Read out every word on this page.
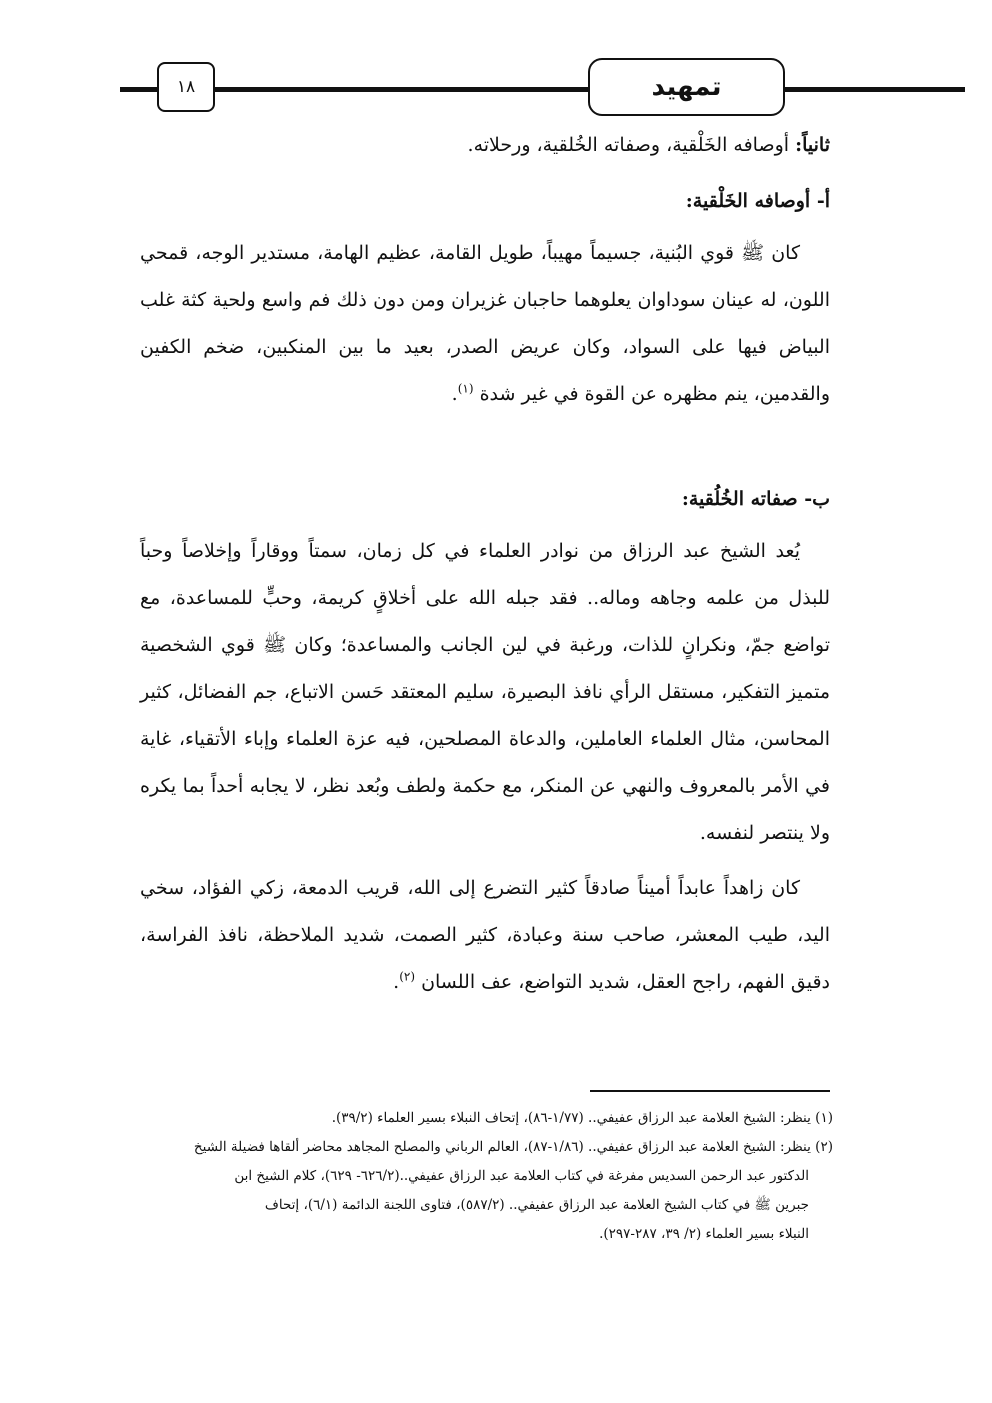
١٨	تمهيد
ثانياً: أوصافه الخَلْقية، وصفاته الخُلقية، ورحلاته.
أ- أوصافه الخَلْقية:

كان ﷺ قوي البُنية، جسيماً مهيباً، طويل القامة، عظيم الهامة، مستدير الوجه، قمحي اللون، له عينان سوداوان يعلوهما حاجبان غزيران ومن دون ذلك فم واسع ولحية كثة غلب البياض فيها على السواد، وكان عريض الصدر، بعيد ما بين المنكبين، ضخم الكفين والقدمين، ينم مظهره عن القوة في غير شدة $^{(١)}$.

ب- صفاته الخُلُقية:

يُعد الشيخ عبد الرزاق من نوادر العلماء في كل زمان، سمتاً ووقاراً وإخلاصاً وحباً للبذل من علمه وجاهه وماله.. فقد جبله الله على أخلاقٍ كريمة، وحبٍّ للمساعدة، مع تواضع جمّ، ونكرانٍ للذات، ورغبة في لين الجانب والمساعدة؛ وكان ﷺ قوي الشخصية متميز التفكير، مستقل الرأي نافذ البصيرة، سليم المعتقد حَسن الاتباع، جم الفضائل، كثير المحاسن، مثال العلماء العاملين، والدعاة المصلحين، فيه عزة العلماء وإباء الأتقياء، غاية في الأمر بالمعروف والنهي عن المنكر، مع حكمة ولطف وبُعد نظر، لا يجابه أحداً بما يكره ولا ينتصر لنفسه.

كان زاهداً عابداً أميناً صادقاً كثير التضرع إلى الله، قريب الدمعة، زكي الفؤاد، سخي اليد، طيب المعشر، صاحب سنة وعبادة، كثير الصمت، شديد الملاحظة، نافذ الفراسة، دقيق الفهم، راجح العقل، شديد التواضع، عف اللسان $^{(٢)}$.

(١) ينظر: الشيخ العلامة عبد الرزاق عفيفي.. (١/٧٧-٨٦)، إتحاف النبلاء بسير العلماء (٣٩/٢).

(٢) ينظر: الشيخ العلامة عبد الرزاق عفيفي.. (١/٨٦-٨٧)، العالم الرباني والمصلح المجاهد محاضر ألقاها فضيلة الشيخ

الدكتور عبد الرحمن السديس مفرغة في كتاب العلامة عبد الرزاق عفيفي..(٦٢٦/٢- ٦٢٩)، كلام الشيخ ابن

جبرين ﷺ في كتاب الشيخ العلامة عبد الرزاق عفيفي.. (٥٨٧/٢)، فتاوى اللجنة الدائمة (٦/١)، إتحاف

النبلاء بسير العلماء (٢/ ٣٩، ٢٨٧-٢٩٧).
